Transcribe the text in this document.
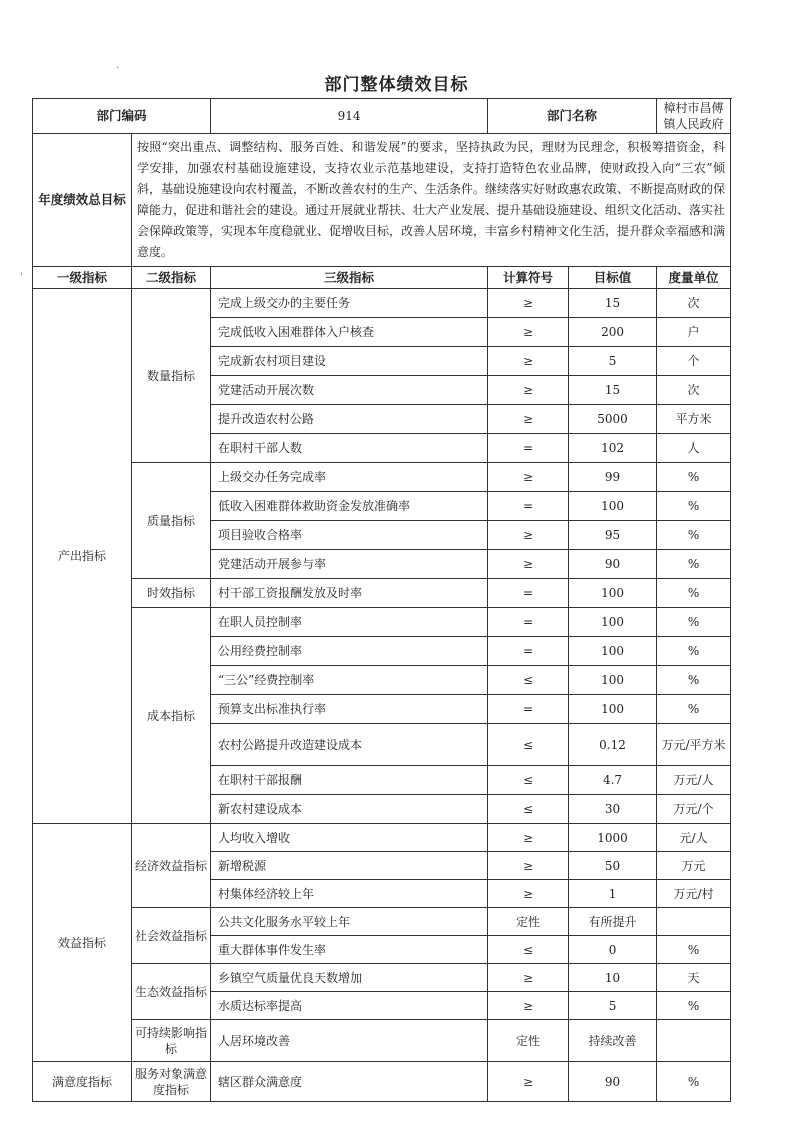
部门整体绩效目标
.
'
部门编码		914	部门名称		樟村市昌傅镇人民政府
年度绩效总目标	按照“突出重点、调整结构、服务百姓、和谐发展”的要求，坚持执政为民，理财为民理念，积极筹措资金，科学安排，加强农村基础设施建设，支持农业示范基地建设，支持打造特色农业品牌，使财政投入向“三农”倾斜，基础设施建设向农村覆盖，不断改善农村的生产、生活条件。继续落实好财政惠农政策、不断提高财政的保障能力，促进和谐社会的建设。通过开展就业帮扶、壮大产业发展、提升基础设施建设、组织文化活动、落实社会保障政策等，实现本年度稳就业、促增收目标，改善人居环境，丰富乡村精神文化生活，提升群众幸福感和满意度。				
一级指标	二级指标	三级指标	计算符号	目标值	度量单位
产出指标	数量指标	完成上级交办的主要任务	≥	15	次
		完成低收入困难群体入户核查	≥	200	户
		完成新农村项目建设	≥	5	个
		党建活动开展次数	≥	15	次
		提升改造农村公路	≥	5000	平方米
		在职村干部人数	=	102	人
	质量指标	上级交办任务完成率	≥	99	%
		低收入困难群体救助资金发放准确率	=	100	%
		项目验收合格率	≥	95	%
		党建活动开展参与率	≥	90	%
	时效指标	村干部工资报酬发放及时率	=	100	%
	成本指标	在职人员控制率	=	100	%
		公用经费控制率	=	100	%
		“三公”经费控制率	≤	100	%
		预算支出标准执行率	=	100	%
		农村公路提升改造建设成本	≤	0.12	万元/平方米
		在职村干部报酬	≤	4.7	万元/人
		新农村建设成本	≤	30	万元/个
效益指标	经济效益指标	人均收入增收	≥	1000	元/人
		新增税源	≥	50	万元
		村集体经济较上年	≥	1	万元/村
	社会效益指标	公共文化服务水平较上年	定性	有所提升	
		重大群体事件发生率	≤	0	%
	生态效益指标	乡镇空气质量优良天数增加	≥	10	天
		水质达标率提高	≥	5	%
	可持续影响指标	人居环境改善	定性	持续改善	
满意度指标	服务对象满意度指标	辖区群众满意度	≥	90	%
